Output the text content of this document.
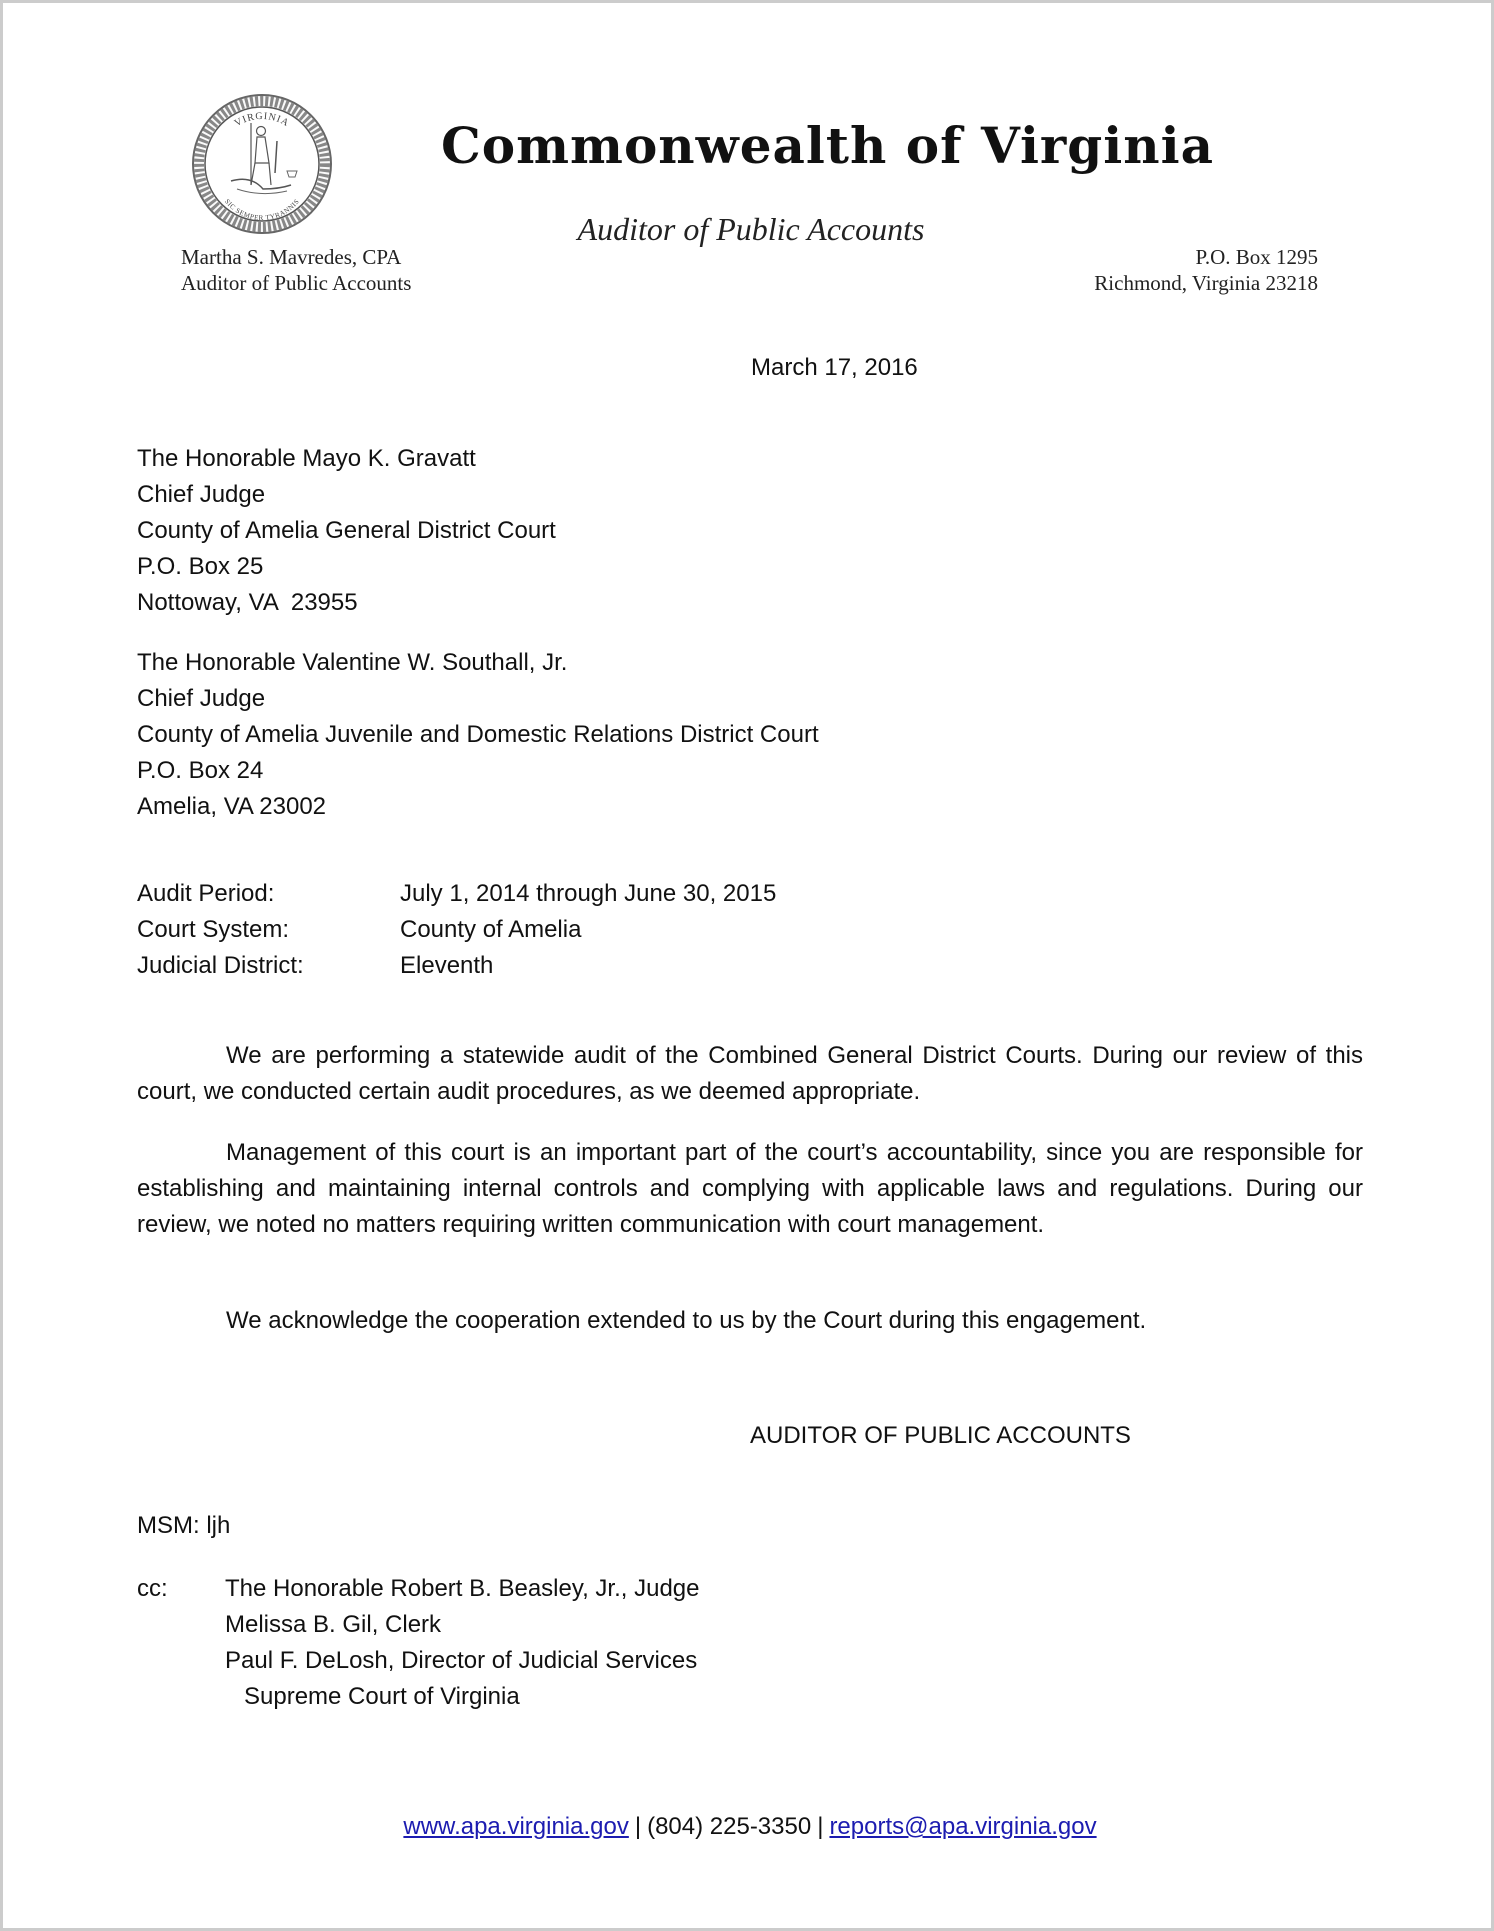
VIRGINIA
SIC SEMPER TYRANNIS
Commonwealth of Virginia
Auditor of Public Accounts
Martha S. Mavredes, CPA
Auditor of Public Accounts
P.O. Box 1295
Richmond, Virginia 23218
March 17, 2016
The Honorable Mayo K. Gravatt
Chief Judge
County of Amelia General District Court
P.O. Box 25
Nottoway, VA  23955
The Honorable Valentine W. Southall, Jr.
Chief Judge
County of Amelia Juvenile and Domestic Relations District Court
P.O. Box 24
Amelia, VA 23002
Audit Period:	July 1, 2014 through June 30, 2015
Court System:	County of Amelia
Judicial District:	Eleventh
We are performing a statewide audit of the Combined General District Courts. During our review of this court, we conducted certain audit procedures, as we deemed appropriate.
Management of this court is an important part of the court’s accountability, since you are responsible for establishing and maintaining internal controls and complying with applicable laws and regulations. During our review, we noted no matters requiring written communication with court management.
We acknowledge the cooperation extended to us by the Court during this engagement.
AUDITOR OF PUBLIC ACCOUNTS
MSM: ljh
cc: The Honorable Robert B. Beasley, Jr., Judge
Melissa B. Gil, Clerk
Paul F. DeLosh, Director of Judicial Services
Supreme Court of Virginia
www.apa.virginia.gov | (804) 225-3350 | reports@apa.virginia.gov
